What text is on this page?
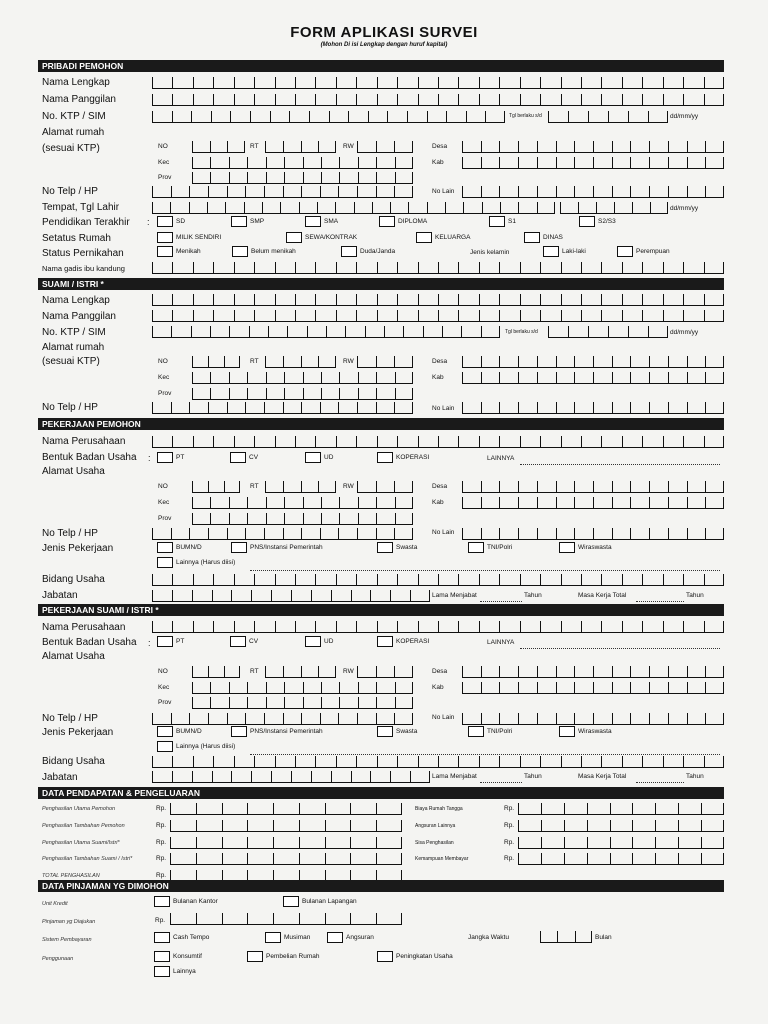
FORM APLIKASI SURVEI
(Mohon Di isi Lengkap dengan huruf kapital)
PRIBADI PEMOHON
Nama Lengkap
Nama Panggilan
No. KTP / SIM	Tgl berlaku s/d	dd/mm/yy
Alamat rumah
(sesuai KTP)	NO	RT	RW	Desa
Kec	Kab
Prov
No Telp / HP	No Lain
Tempat, Tgl Lahir	dd/mm/yy
Pendidikan Terakhir :	SD	SMP	SMA	DIPLOMA	S1	S2/S3
Setatus Rumah	MILIK SENDIRI	SEWA/KONTRAK	KELUARGA	DINAS
Status Pernikahan	Menikah	Belum menikah	Duda/Janda	Jenis kelamin	Laki-laki	Perempuan
Nama gadis ibu kandung
SUAMI / ISTRI *
Nama Lengkap
Nama Panggilan
No. KTP / SIM	Tgl berlaku s/d	dd/mm/yy
Alamat rumah
(sesuai KTP)	NO	RT	RW	Desa
Kec	Kab
Prov
No Telp / HP	No Lain
PEKERJAAN PEMOHON
Nama Perusahaan
Bentuk Badan Usaha :	PT	CV	UD	KOPERASI	LAINNYA
Alamat Usaha
NO	RT	RW	Desa
Kec	Kab
Prov
No Telp / HP	No Lain
Jenis Pekerjaan	BUMN/D	PNS/Instansi Pemerintah	Swasta	TNI/Polri	Wiraswasta
Lainnya (Harus diisi)
Bidang Usaha
Jabatan	Lama Menjabat	Tahun	Masa Kerja Total	Tahun
PEKERJAAN SUAMI / ISTRI *
Nama Perusahaan
Bentuk Badan Usaha :	PT	CV	UD	KOPERASI	LAINNYA
Alamat Usaha
NO	RT	RW	Desa
Kec	Kab
Prov
No Telp / HP	No Lain
Jenis Pekerjaan	BUMN/D	PNS/Instansi Pemerintah	Swasta	TNI/Polri	Wiraswasta
Lainnya (Harus diisi)
Bidang Usaha
Jabatan	Lama Menjabat	Tahun	Masa Kerja Total	Tahun
DATA PENDAPATAN & PENGELUARAN
Penghasilan Utama Pemohon	Rp.
Penghasilan Tambahan Pemohon	Rp.
Penghasilan Utama Suami/Istri*	Rp.
Penghasilan Tambahan Suami / Istri*	Rp.
TOTAL PENGHASILAN	Rp.
Biaya Rumah Tangga	Rp.
Angsuran Lainnya	Rp.
Sisa Penghasilan	Rp.
Kemampuan Membayar	Rp.
DATA PINJAMAN YG DIMOHON
Unit Kredit	Bulanan Kantor	Bulanan Lapangan
Pinjaman yg Diajukan	Rp.
Sistem Pembayaran	Cash Tempo	Musiman	Angsuran	Jangka Waktu	Bulan
Penggunaan	Konsumtif	Pembelian Rumah	Peningkatan Usaha
Lainnya
